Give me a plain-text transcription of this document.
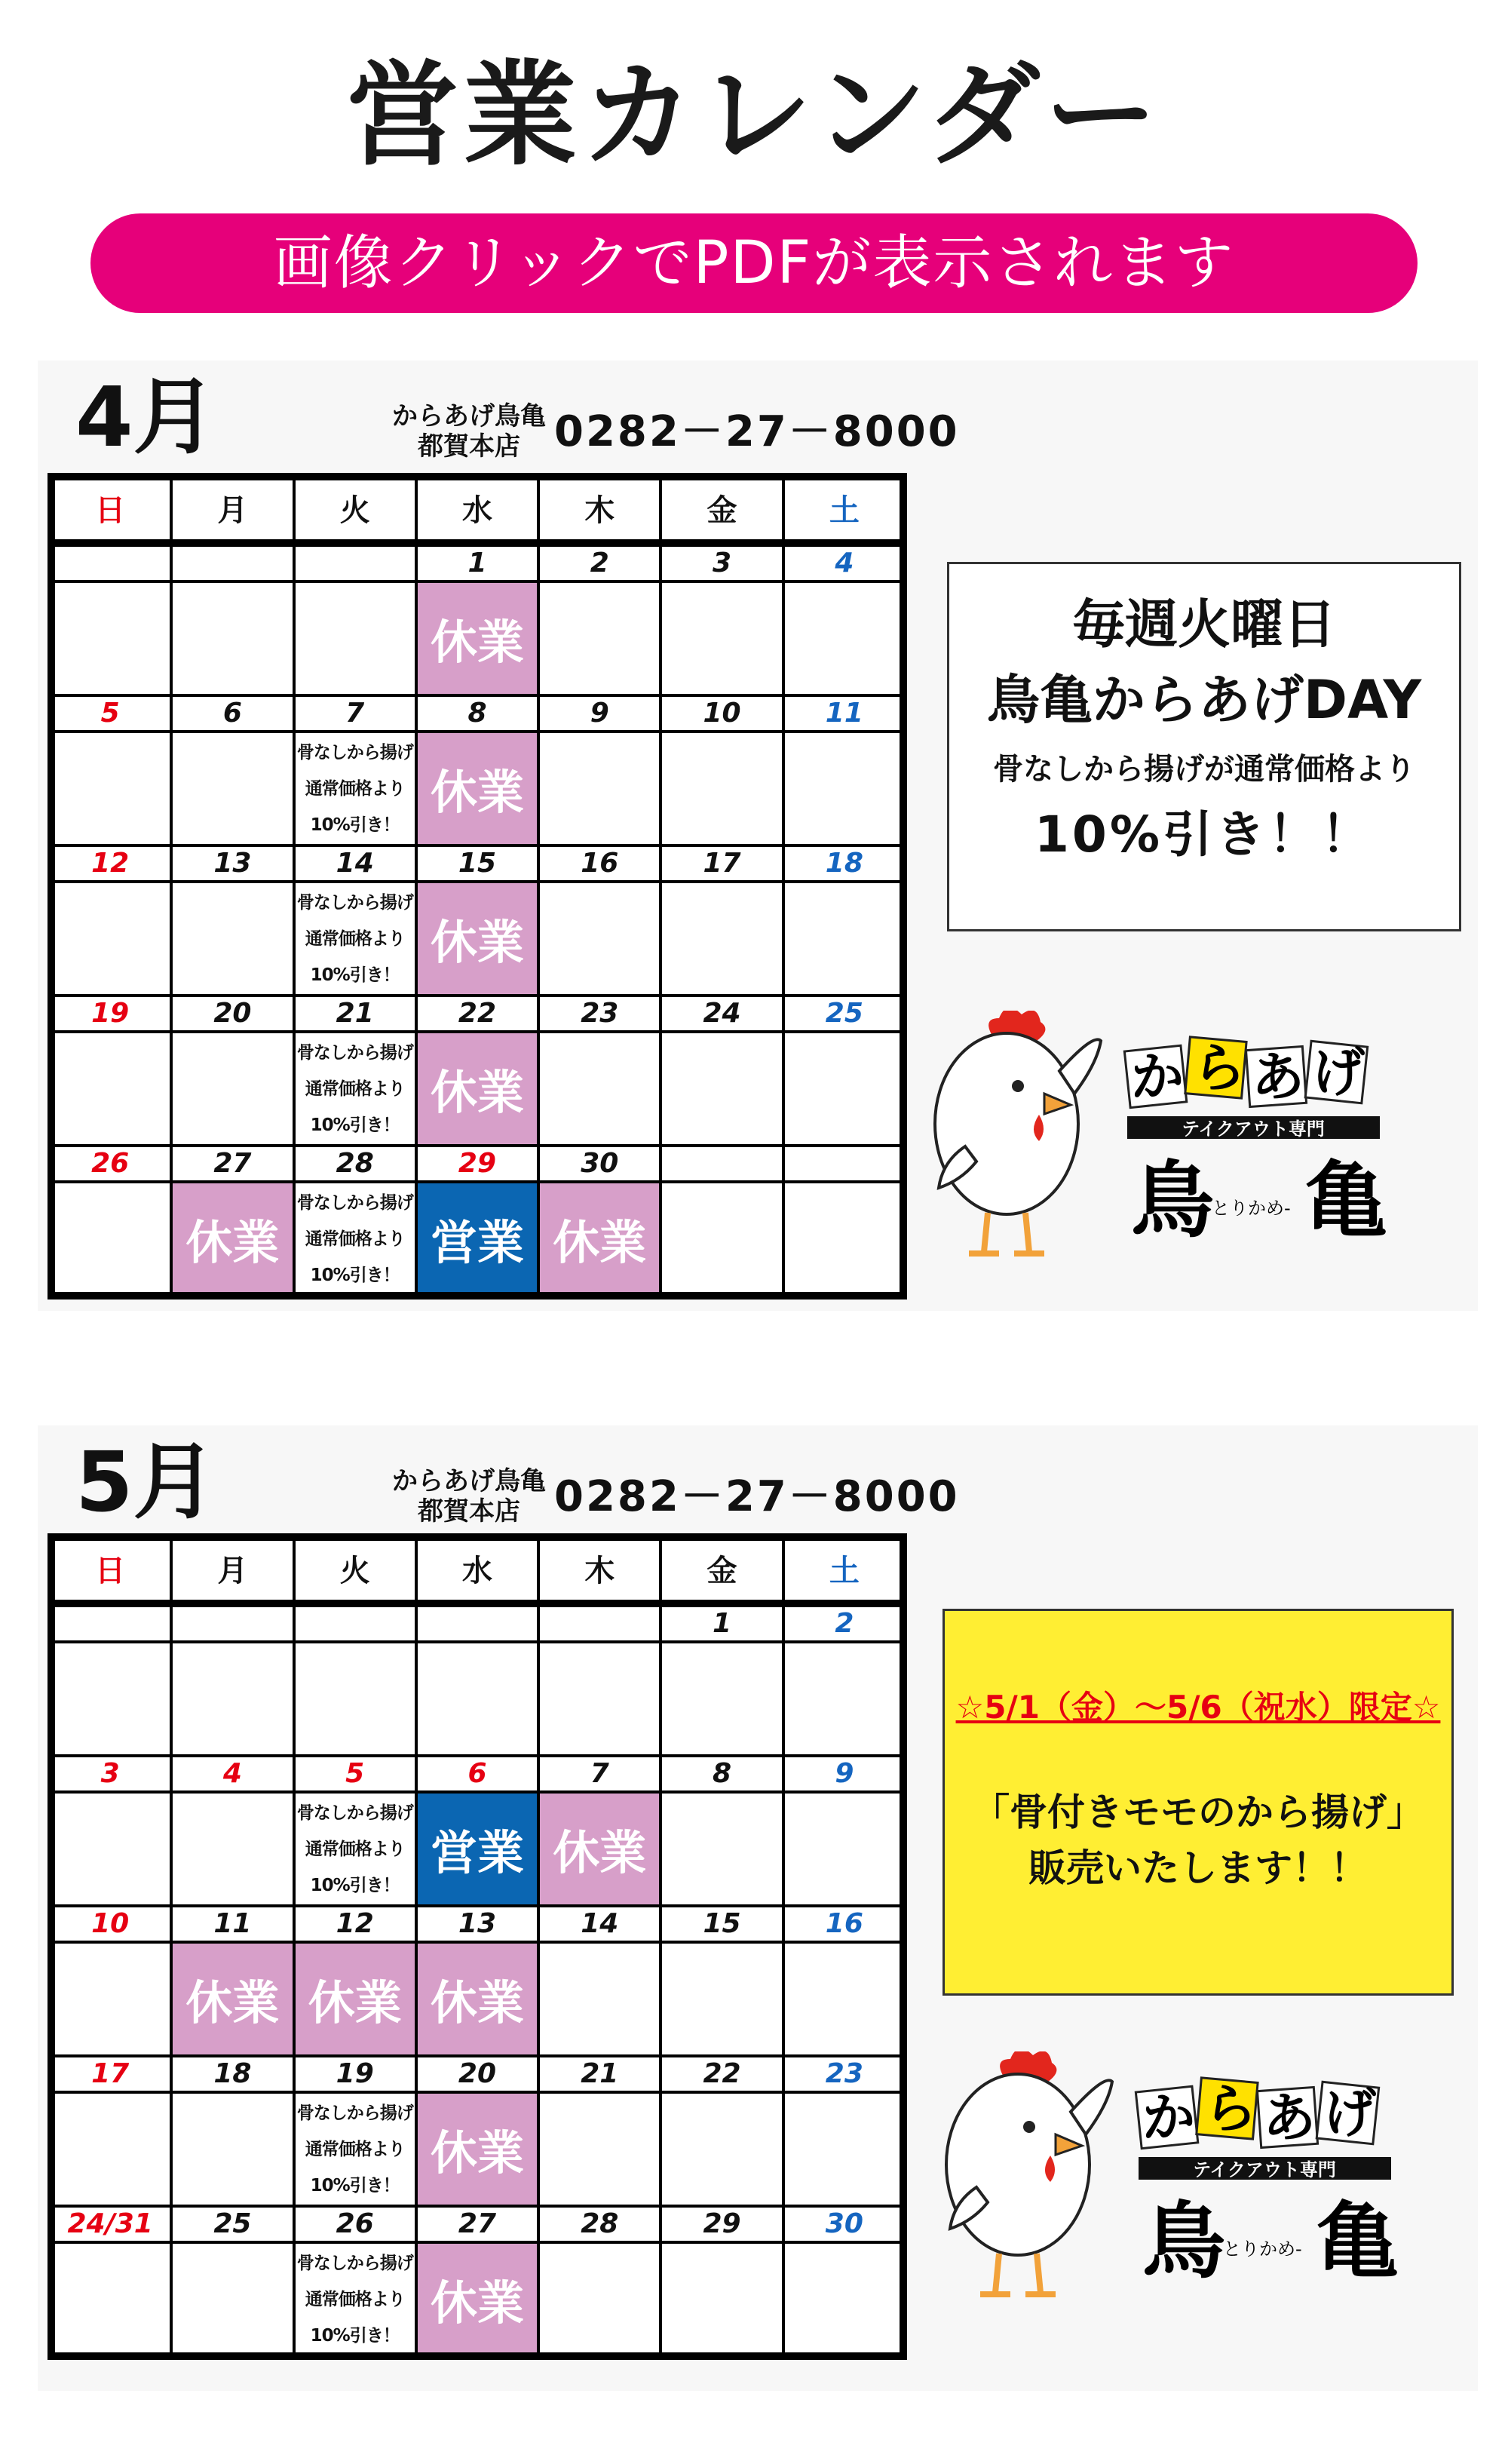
営業カレンダー
画像クリックでPDFが表示されます
4月	からあげ鳥亀
都賀本店 0282－27－8000
日	月	火	水	木	金	土
			1	2	3	4
			休業			
5	6	7	8	9	10	11

		骨なしから揚げ
通常価格より
10%引き！	休業			
12	13	14	15	16	17	18

		骨なしから揚げ
通常価格より
10%引き！	休業			
19	20	21	22	23	24	25

		骨なしから揚げ
通常価格より
10%引き！	休業			
26	27	28	29	30		
	休業	骨なしから揚げ
通常価格より
10%引き！	営業	休業		
毎週火曜日
鳥亀からあげDAY
骨なしから揚げが通常価格より
10%引き！！
か ら あ げ
テイクアウト専門
鳥
-とりかめ- 亀
5月	からあげ鳥亀
都賀本店 0282－27－8000
日	月	火	水	木	金	土
					1	2

3	4	5	6	7	8	9

		骨なしから揚げ
通常価格より
10%引き！	営業	休業		
10	11	12	13	14	15	16
	休業	休業	休業			
17	18	19	20	21	22	23

		骨なしから揚げ
通常価格より
10%引き！	休業			
24/31	25	26	27	28	29	30

		骨なしから揚げ
通常価格より
10%引き！	休業			
☆5/1（金）～5/6（祝水）限定☆
「骨付きモモのから揚げ」
販売いたします！！
か ら あ げ
テイクアウト専門
鳥
-とりかめ- 亀
